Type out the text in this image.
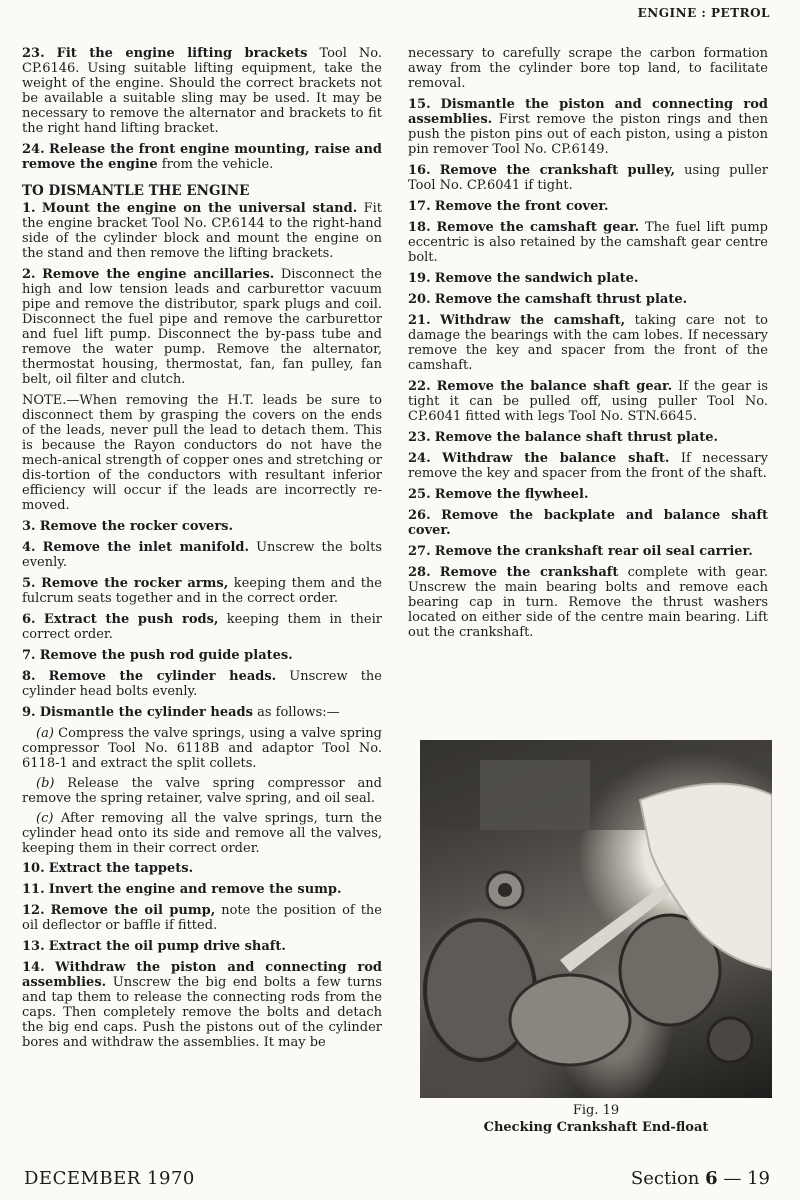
ENGINE : PETROL

23. Fit the engine lifting brackets Tool No. CP.6146. Using suitable lifting equipment, take the weight of the engine. Should the correct brackets not be available a suitable sling may be used. It may be necessary to remove the alternator and brackets to fit the right hand lifting bracket.

24. Release the front engine mounting, raise and remove the engine from the vehicle.

TO DISMANTLE THE ENGINE

1. Mount the engine on the universal stand. Fit the engine bracket Tool No. CP.6144 to the right-hand side of the cylinder block and mount the engine on the stand and then remove the lifting brackets.

2. Remove the engine ancillaries. Disconnect the high and low tension leads and carburettor vacuum pipe and remove the distributor, spark plugs and coil. Disconnect the fuel pipe and remove the carburettor and fuel lift pump. Disconnect the by-pass tube and remove the water pump. Remove the alternator, thermostat housing, thermostat, fan, fan pulley, fan belt, oil filter and clutch.

NOTE.—When removing the H.T. leads be sure to disconnect them by grasping the covers on the ends of the leads, never pull the lead to detach them. This is because the Rayon conductors do not have the mech-anical strength of copper ones and stretching or dis-tortion of the conductors with resultant inferior efficiency will occur if the leads are incorrectly re-moved.

3. Remove the rocker covers.

4. Remove the inlet manifold. Unscrew the bolts evenly.

5. Remove the rocker arms, keeping them and the fulcrum seats together and in the correct order.

6. Extract the push rods, keeping them in their correct order.

7. Remove the push rod guide plates.

8. Remove the cylinder heads. Unscrew the cylinder head bolts evenly.

9. Dismantle the cylinder heads as follows:—

(a) Compress the valve springs, using a valve spring compressor Tool No. 6118B and adaptor Tool No. 6118-1 and extract the split collets.

(b) Release the valve spring compressor and remove the spring retainer, valve spring, and oil seal.

(c) After removing all the valve springs, turn the cylinder head onto its side and remove all the valves, keeping them in their correct order.

10. Extract the tappets.

11. Invert the engine and remove the sump.

12. Remove the oil pump, note the position of the oil deflector or baffle if fitted.

13. Extract the oil pump drive shaft.

14. Withdraw the piston and connecting rod assemblies. Unscrew the big end bolts a few turns and tap them to release the connecting rods from the caps. Then completely remove the bolts and detach the big end caps. Push the pistons out of the cylinder bores and withdraw the assemblies. It may be

necessary to carefully scrape the carbon formation away from the cylinder bore top land, to facilitate removal.

15. Dismantle the piston and connecting rod assemblies. First remove the piston rings and then push the piston pins out of each piston, using a piston pin remover Tool No. CP.6149.

16. Remove the crankshaft pulley, using puller Tool No. CP.6041 if tight.

17. Remove the front cover.

18. Remove the camshaft gear. The fuel lift pump eccentric is also retained by the camshaft gear centre bolt.

19. Remove the sandwich plate.

20. Remove the camshaft thrust plate.

21. Withdraw the camshaft, taking care not to damage the bearings with the cam lobes. If necessary remove the key and spacer from the front of the camshaft.

22. Remove the balance shaft gear. If the gear is tight it can be pulled off, using puller Tool No. CP.6041 fitted with legs Tool No. STN.6645.

23. Remove the balance shaft thrust plate.

24. Withdraw the balance shaft. If necessary remove the key and spacer from the front of the shaft.

25. Remove the flywheel.

26. Remove the backplate and balance shaft cover.

27. Remove the crankshaft rear oil seal carrier.

28. Remove the crankshaft complete with gear. Unscrew the main bearing bolts and remove each bearing cap in turn. Remove the thrust washers located on either side of the centre main bearing. Lift out the crankshaft.

Fig. 19
Checking Crankshaft End-float
DECEMBER 1970	Section 6 — 19
